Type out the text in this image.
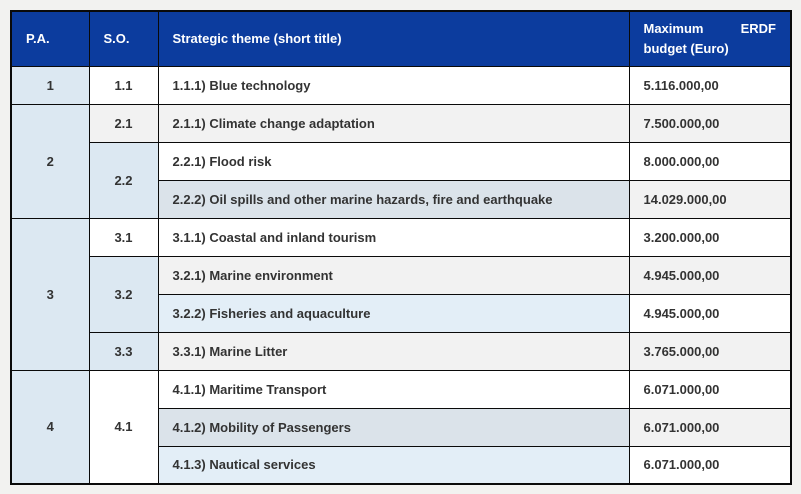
P.A.	S.O.	Strategic theme (short title)	Maximum ERDF
budget (Euro)

1	1.1	1.1.1) Blue technology	5.116.000,00
2	2.1	2.1.1) Climate change adaptation	7.500.000,00
	2.2	2.2.1) Flood risk	8.000.000,00
		2.2.2) Oil spills and other marine hazards, fire and earthquake	14.029.000,00
3	3.1	3.1.1) Coastal and inland tourism	3.200.000,00
	3.2	3.2.1) Marine environment	4.945.000,00
		3.2.2) Fisheries and aquaculture	4.945.000,00
	3.3	3.3.1) Marine Litter	3.765.000,00
4	4.1	4.1.1) Maritime Transport	6.071.000,00
		4.1.2) Mobility of Passengers	6.071.000,00
		4.1.3) Nautical services	6.071.000,00
